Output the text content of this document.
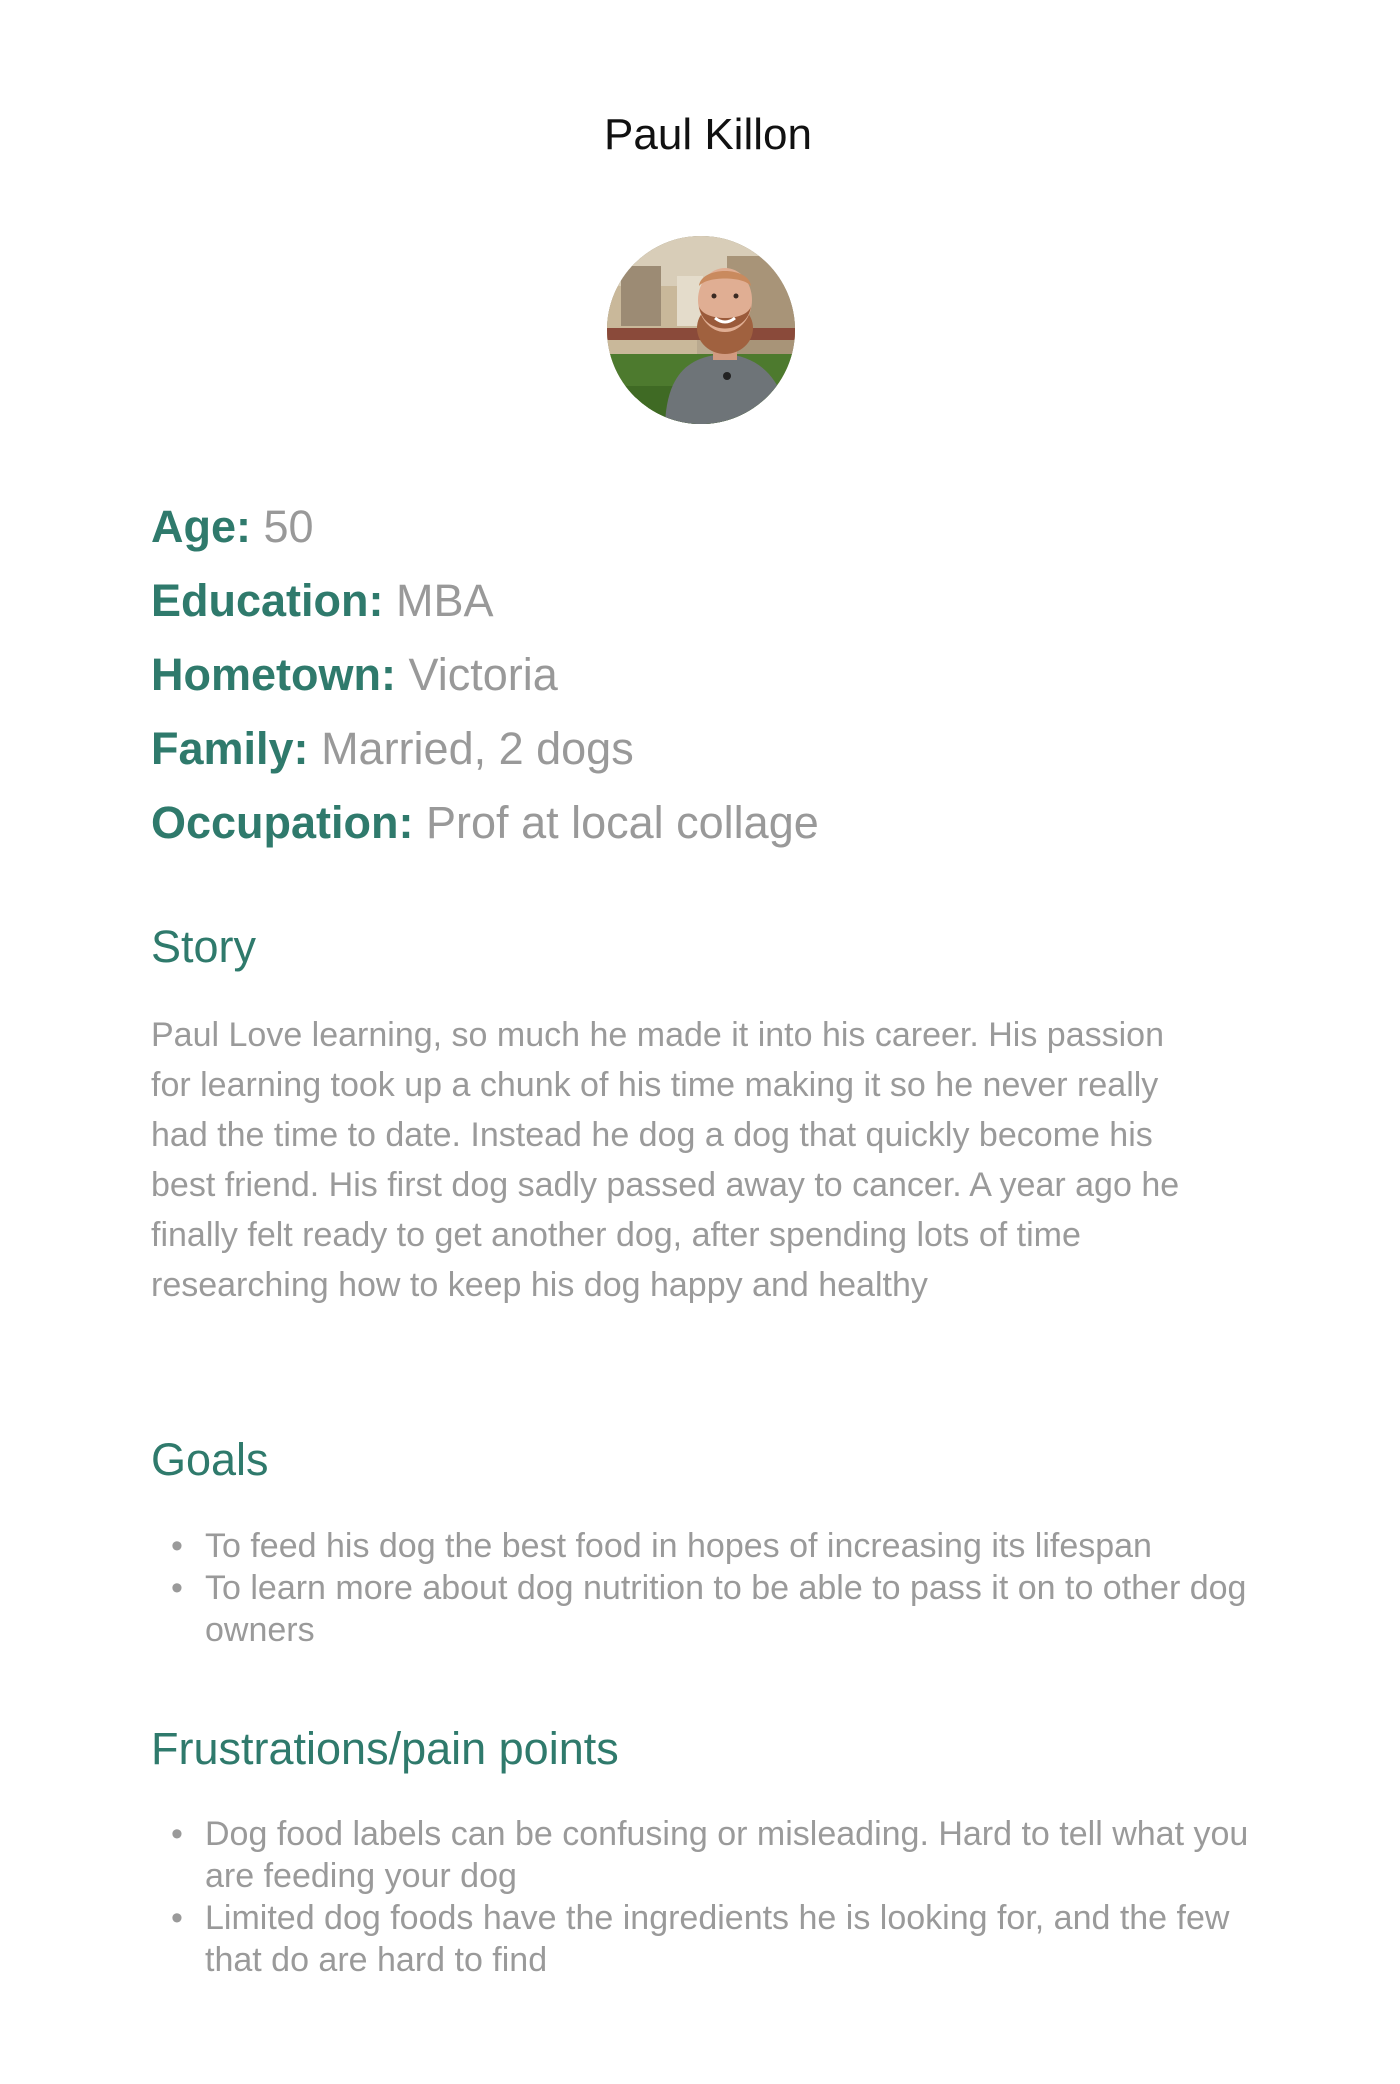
Paul Killon
Age: 50
Education: MBA
Hometown: Victoria
Family: Married, 2 dogs
Occupation: Prof at local collage
Story

Paul Love learning, so much he made it into his career. His passion for learning took up a chunk of his time making it so he never really had the time to date. Instead he dog a dog that quickly become his best friend. His first dog sadly passed away to cancer. A year ago he finally felt ready to get another dog, after spending lots of time researching how to keep his dog happy and healthy

Goals
• To feed his dog the best food in hopes of increasing its lifespan
• To learn more about dog nutrition to be able to pass it on to other dog owners
Frustrations/pain points
• Dog food labels can be confusing or misleading. Hard to tell what you are feeding your dog
• Limited dog foods have the ingredients he is looking for, and the few that do are hard to find
